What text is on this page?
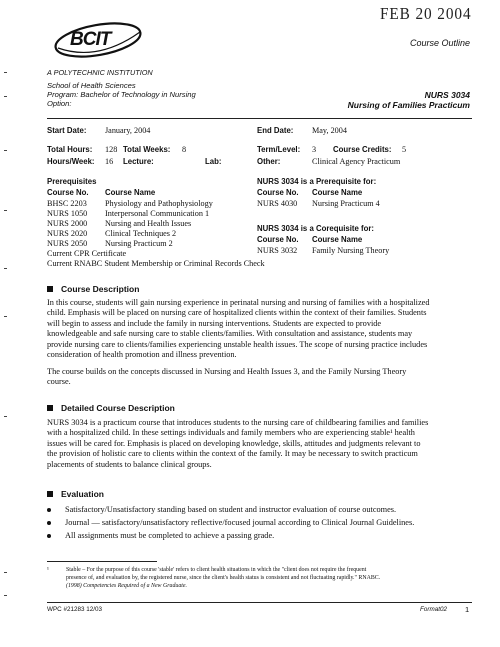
FEB 20 2004
Course Outline
BCIT
A POLYTECHNIC INSTITUTION
School of Health Sciences
Program: Bachelor of Technology in Nursing
Option:
NURS 3034
Nursing of Families Practicum
Start Date: January, 2004	End Date: May, 2004
Total Hours: 128 Total Weeks: 8	Term/Level: 3 Course Credits: 5
Hours/Week: 16 Lecture:	Lab:	Other:	Clinical Agency Practicum
Prerequisites
Course No. Course Name
BHSC 2203 Physiology and Pathophysiology
NURS 1050 Interpersonal Communication 1
NURS 2000 Nursing and Health Issues
NURS 2020 Clinical Techniques 2
NURS 2050 Nursing Practicum 2
Current CPR Certificate
Current RNABC Student Membership or Criminal Records Check
NURS 3034 is a Prerequisite for:
Course No. Course Name
NURS 4030 Nursing Practicum 4
NURS 3034 is a Corequisite for:
Course No. Course Name
NURS 3032 Family Nursing Theory
Course Description
In this course, students will gain nursing experience in perinatal nursing and nursing of families with a hospitalized
child. Emphasis will be placed on nursing care of hospitalized clients within the context of their families. Students
will begin to assess and include the family in nursing interventions. Students are expected to provide
knowledgeable and safe nursing care to stable clients/families. With consultation and assistance, students may
provide nursing care to clients/families experiencing unstable health issues. The scope of nursing practice includes
consideration of health promotion and illness prevention.
The course builds on the concepts discussed in Nursing and Health Issues 3, and the Family Nursing Theory
course.
Detailed Course Description
NURS 3034 is a practicum course that introduces students to the nursing care of childbearing families and families
with a hospitalized child. In these settings individuals and family members who are experiencing stable¹ health
issues will be cared for. Emphasis is placed on developing knowledge, skills, attitudes and judgments relevant to
the provision of holistic care to clients within the context of the family. It may be necessary to switch practicum
placements of students to balance clinical groups.
Evaluation
Satisfactory/Unsatisfactory standing based on student and instructor evaluation of course outcomes.
Journal — satisfactory/unsatisfactory reflective/focused journal according to Clinical Journal Guidelines.
All assignments must be completed to achieve a passing grade.
¹	Stable – For the purpose of this course 'stable' refers to client health situations in which the "client does not require the frequent
presence of, and evaluation by, the registered nurse, since the client's health status is consistent and not fluctuating rapidly." RNABC.
(1998) Competencies Required of a New Graduate.
WPC #21283 12/03	Format02 1
